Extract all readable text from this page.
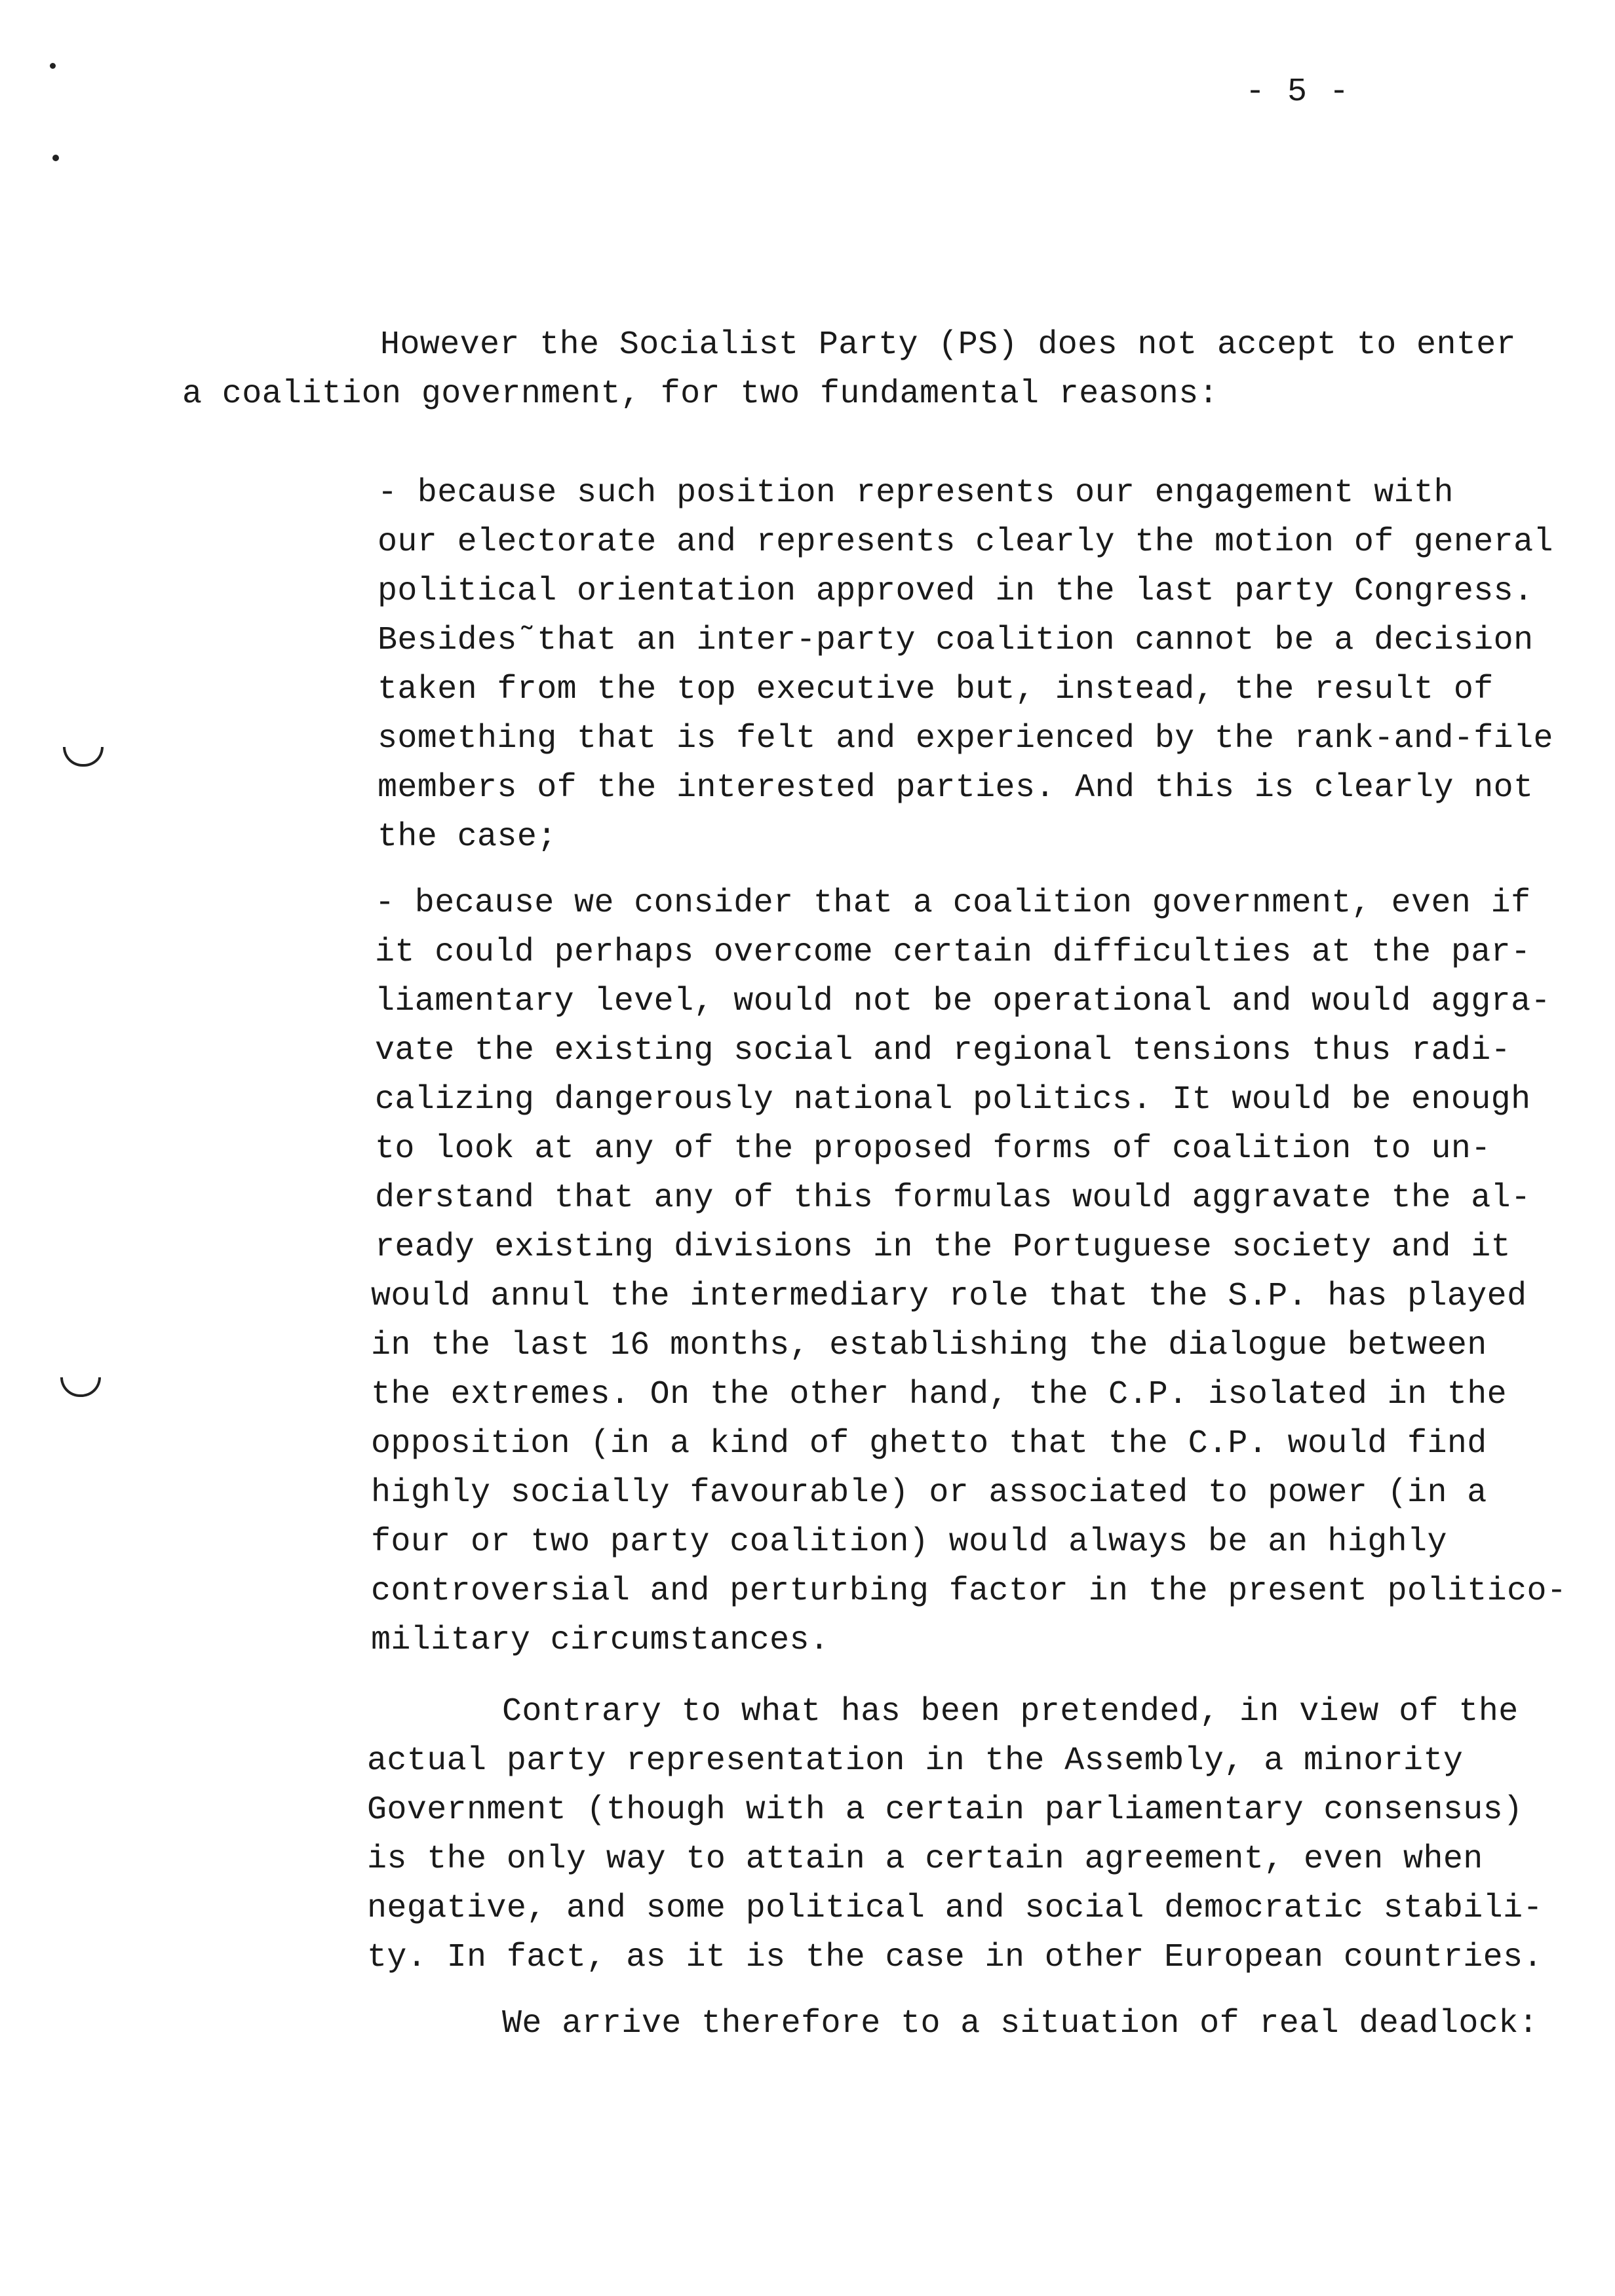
- 5 -
However the Socialist Party (PS) does not accept to enter
a coalition government, for two fundamental reasons:
- because such position represents our engagement with
our electorate and represents clearly the motion of general
political orientation approved in the last party Congress.
Besides˜that an inter-party coalition cannot be a decision
taken from the top executive but, instead, the result of
something that is felt and experienced by the rank-and-file
members of the interested parties. And this is clearly not
the case;
- because we consider that a coalition government, even if
it could perhaps overcome certain difficulties at the par-
liamentary level, would not be operational and would aggra-
vate the existing social and regional tensions thus radi-
calizing dangerously national politics. It would be enough
to look at any of the proposed forms of coalition to un-
derstand that any of this formulas would aggravate the al-
ready existing divisions in the Portuguese society and it
would annul the intermediary role that the S.P. has played
in the last 16 months, establishing the dialogue between
the extremes. On the other hand, the C.P. isolated in the
opposition (in a kind of ghetto that the C.P. would find
highly socially favourable) or associated to power (in a
four or two party coalition) would always be an highly
controversial and perturbing factor in the present politico-
military circumstances.
Contrary to what has been pretended, in view of the
actual party representation in the Assembly, a minority
Government (though with a certain parliamentary consensus)
is the only way to attain a certain agreement, even when
negative, and some political and social democratic stabili-
ty. In fact, as it is the case in other European countries.
We arrive therefore to a situation of real deadlock:
